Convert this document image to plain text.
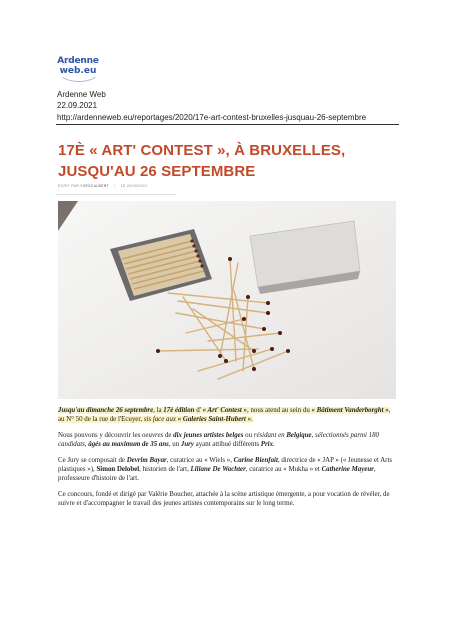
Ardenne
web.eu
Ardenne Web
22.09.2021
http://ardenneweb.eu/reportages/2020/17e-art-contest-bruxelles-jusquau-26-septembre
17È « ART' CONTEST », À BRUXELLES, JUSQU'AU 26 SEPTEMBRE
ÉCRIT PAR YVESCALBERT | LE 20/09/2021

Jusqu'au dimanche 26 septembre, la 17è édition d' « Art' Contest », nous atend au sein du « Bâtiment Vanderborght », au N° 50 de la rue de l'Ecuyer, sis face aux « Galeries Saint-Hubert ».

Nous pouvons y découvrir les oeuvres de dix jeunes artistes belges ou résidant en Belgique, sélectionnés parmi 180 candidats, âgés au maximum de 35 ans, un Jury ayant attibué différents Prix.

Ce Jury se composait de Devrim Bayar, curatrice au « Wiels », Carine Bienfait, directrice de « JAP » (« Jeunesse et Arts plastiques »), Simon Delobel, historien de l'art, Liliane De Wachter, curatrice au « Mukha » et Catherine Mayeur, professeure d'histoire de l'art.

Ce concours, fondé et dirigé par Valérie Boucher, attachée à la scène artistique émergente, a pour vocation de révéler, de suivre et d'accompagner le travail des jeunes artistes contemporains sur le long terme.
